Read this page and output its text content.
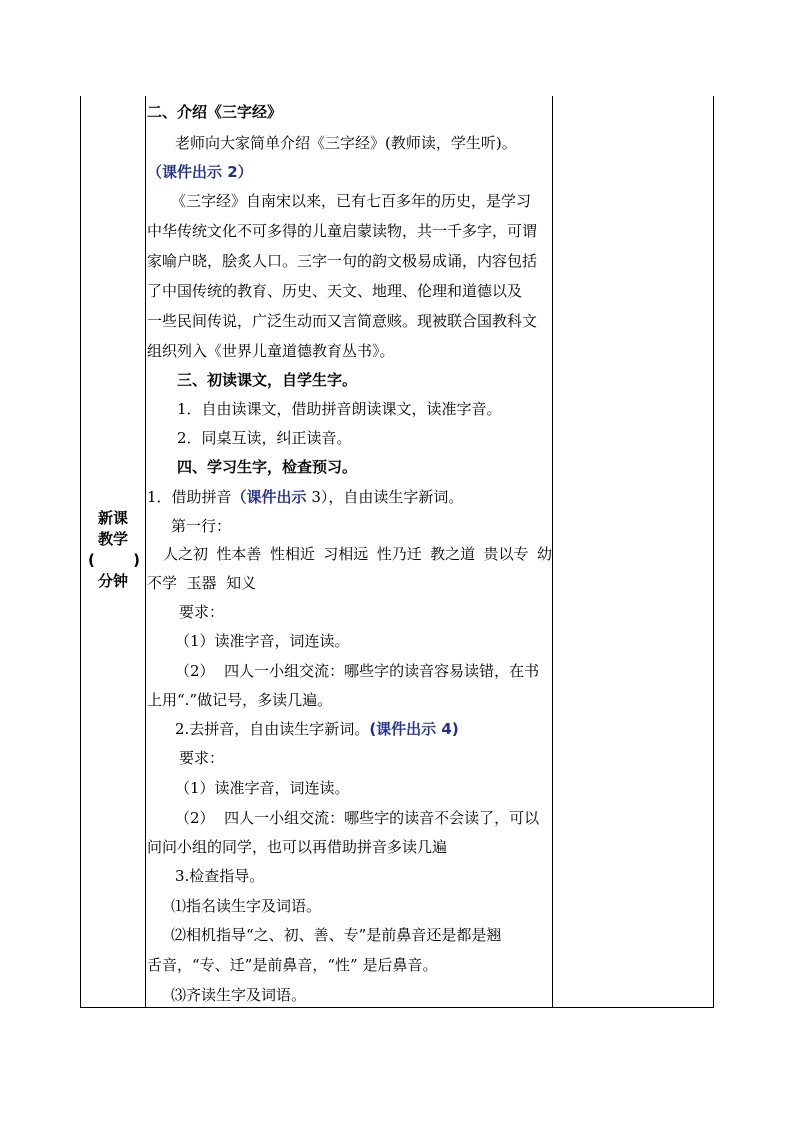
新课
教学
(	)
分钟
二、介绍《三字经》
老师向大家简单介绍《三字经》(教师读，学生听)。
（课件出示 2）
《三字经》自南宋以来，已有七百多年的历史，是学习
中华传统文化不可多得的儿童启蒙读物，共一千多字，可谓
家喻户晓，脍炙人口。三字一句的韵文极易成诵，内容包括
了中国传统的教育、历史、天文、地理、伦理和道德以及
一些民间传说，广泛生动而又言简意赅。现被联合国教科文
组织列入《世界儿童道德教育丛书》。
三、初读课文，自学生字。
1．自由读课文，借助拼音朗读课文，读准字音。
2．同桌互读，纠正读音。
四、学习生字，检查预习。
1．借助拼音（课件出示 3），自由读生字新词。
第一行：
人之初 性本善 性相近 习相远 性乃迁 教之道 贵以专 幼
不学  玉器  知义
要求：
（1）读准字音，词连读。
（2）  四人一小组交流：哪些字的读音容易读错，在书
上用“.”做记号，多读几遍。
2.去拼音，自由读生字新词。(课件出示 4)
要求：
（1）读准字音，词连读。
（2）  四人一小组交流：哪些字的读音不会读了，可以
问问小组的同学，也可以再借助拼音多读几遍
3.检查指导。
⑴指名读生字及词语。
⑵相机指导“之、初、善、专”是前鼻音还是都是翘
舌音，“专、迁”是前鼻音，“性” 是后鼻音。
⑶齐读生字及词语。
